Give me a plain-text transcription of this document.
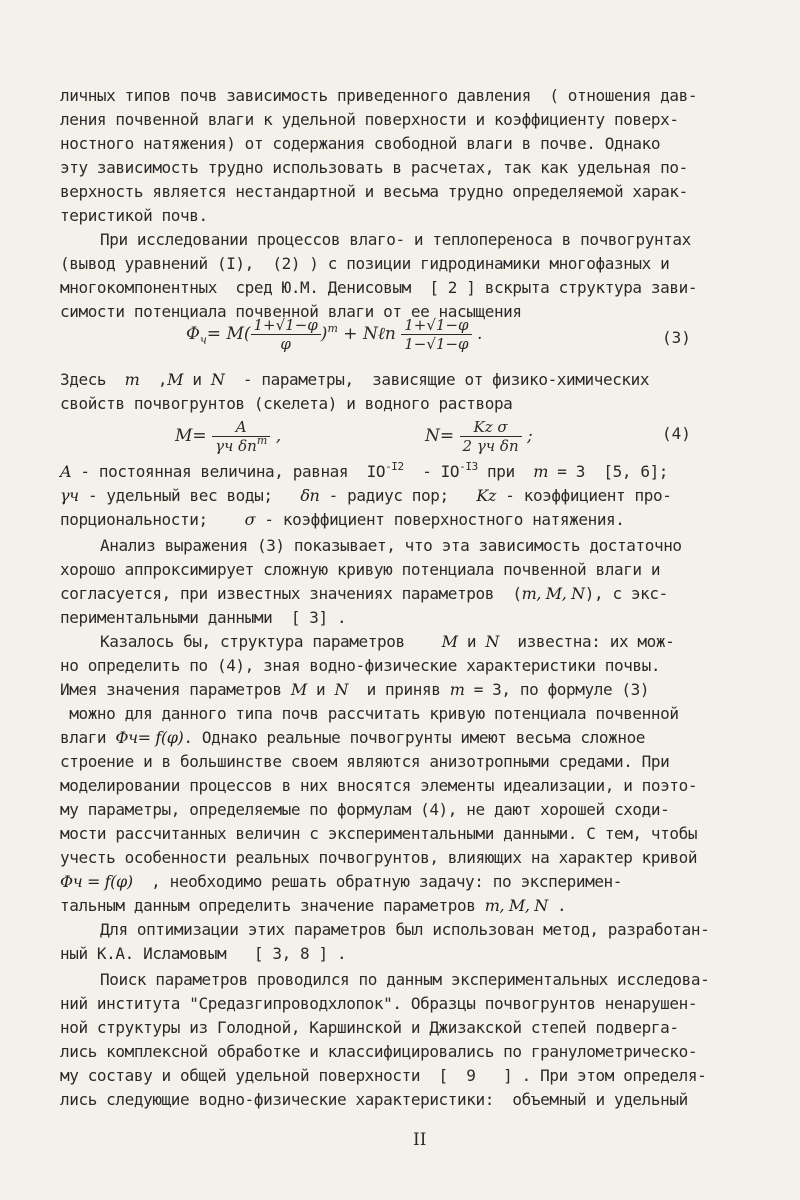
личных типов почв зависимость приведенного давления  ( отношения дав-
ления почвенной влаги к удельной поверхности и коэффициенту поверх-
ностного натяжения) от содержания свободной влаги в почве. Однако
эту зависимость трудно использовать в расчетах, так как удельная по-
верхность является нестандартной и весьма трудно определяемой харак-
теристикой почв.
При исследовании процессов влаго- и теплопереноса в почвогрунтах
(вывод уравнений (I),  (2) ) с позиции гидродинамики многофазных и
многокомпонентных  сред Ю.М. Денисовым  [ 2 ] вскрыта структура зави-
симости потенциала почвенной влаги от ее насыщения
$\Phi_ч= M( \frac{1+√1-\varphi}{\varphi} )^m$ + Nℓn $\frac{1+√1-\varphi}{1-√1-\varphi}$ .	(3)
Здесь m  ,M и N  - параметры,  зависящие от физико-химических
свойств почвогрунтов (скелета) и водного раствора
$M= \frac{A}{\gamma ч \delta n^m}$ ,	$N= \frac{\text{Kz σ}}{\text{2 γч δn}}$ ;	(4)
A - постоянная величина, равная  $IO^{-I2} - IO^{-I3}$ при m = 3  [5, 6];
γч - удельный вес воды; δn - радиус пор; Kz - коэффициент про-
порциональности; σ - коэффициент поверхностного натяжения.
Анализ выражения (3) показывает, что эта зависимость достаточно
хорошо аппроксимирует сложную кривую потенциала почвенной влаги и
согласуется, при известных значениях параметров  (m, M, N), с экс-
периментальными данными  [ 3] .
Казалось бы, структура параметров M и N  известна: их мож-
но определить по (4), зная водно-физические характеристики почвы.
Имея значения параметров M и N  и приняв m = 3, по формуле (3)
можно для данного типа почв рассчитать кривую потенциала почвенной
влаги Φч= f(φ). Однако реальные почвогрунты имеют весьма сложное
строение и в большинстве своем являются анизотропными средами. При
моделировании процессов в них вносятся элементы идеализации, и поэто-
му параметры, определяемые по формулам (4), не дают хорошей сходи-
мости рассчитанных величин с экспериментальными данными. С тем, чтобы
учесть особенности реальных почвогрунтов, влияющих на характер кривой
Φч = f(φ)  , необходимо решать обратную задачу: по эксперимен-
тальным данным определить значение параметров m, M, N .
Для оптимизации этих параметров был использован метод, разработан-
ный К.А. Исламовым   [ 3, 8 ] .
Поиск параметров проводился по данным экспериментальных исследова-
ний института "Средазгипроводхлопок". Образцы почвогрунтов ненарушен-
ной структуры из Голодной, Каршинской и Джизакской степей подверга-
лись комплексной обработке и классифицировались по гранулометрическо-
му составу и общей удельной поверхности  [  9   ] . При этом определя-
лись следующие водно-физические характеристики:  объемный и удельный
II
